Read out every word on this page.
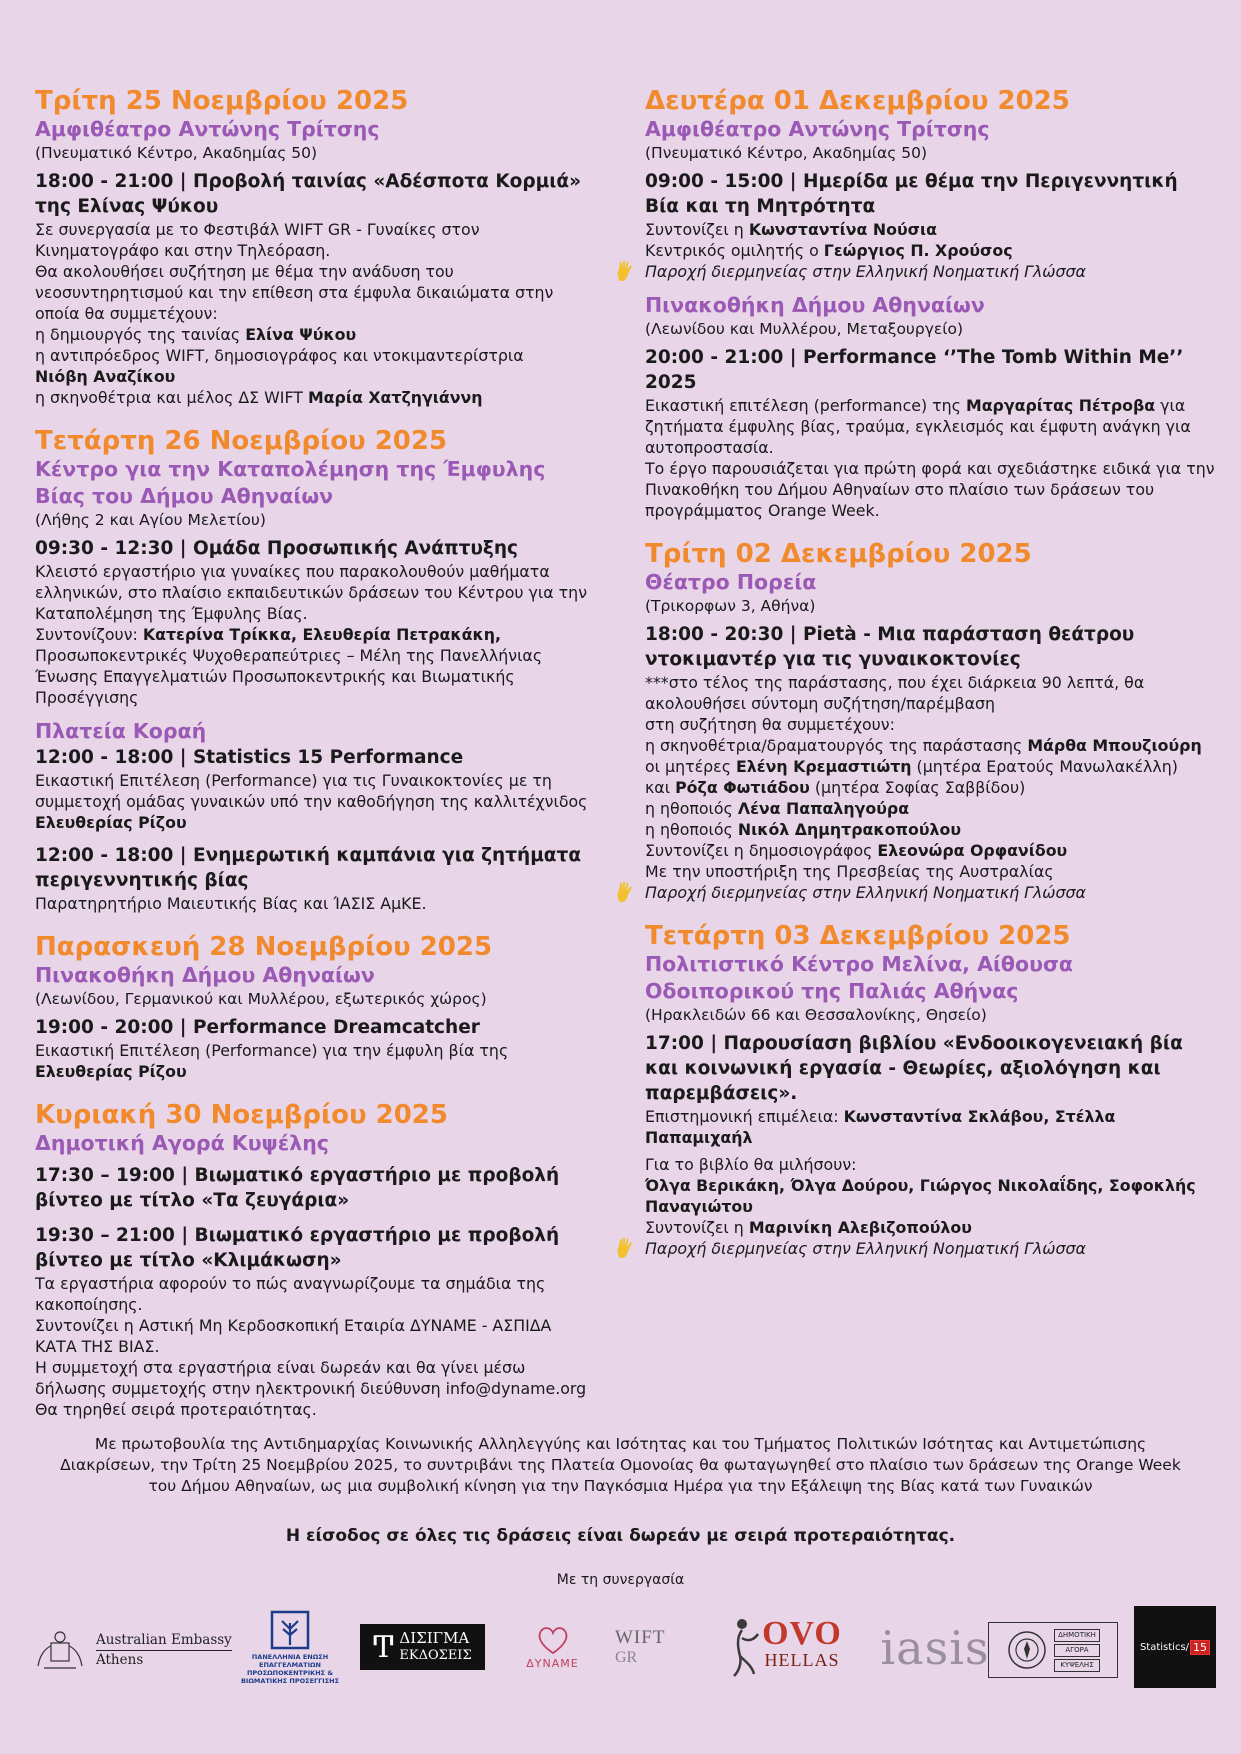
Τρίτη 25 Νοεμβρίου 2025

Αμφιθέατρο Αντώνης Τρίτσης

(Πνευματικό Κέντρο, Ακαδημίας 50)

18:00 - 21:00 | Προβολή ταινίας «Αδέσποτα Κορμιά» της Ελίνας Ψύκου

Σε συνεργασία με το Φεστιβάλ WIFT GR - Γυναίκες στον Κινηματογράφο και στην Τηλεόραση.

Θα ακολουθήσει συζήτηση με θέμα την ανάδυση του νεοσυντηρητισμού και την επίθεση στα έμφυλα δικαιώματα στην οποία θα συμμετέχουν:

η δημιουργός της ταινίας Ελίνα Ψύκου

η αντιπρόεδρος WIFT, δημοσιογράφος και ντοκιμαντερίστρια

Νιόβη Αναζίκου

η σκηνοθέτρια και μέλος ΔΣ WIFT Μαρία Χατζηγιάννη

Τετάρτη 26 Νοεμβρίου 2025

Κέντρο για την Καταπολέμηση της Έμφυλης Βίας του Δήμου Αθηναίων

(Λήθης 2 και Αγίου Μελετίου)

09:30 - 12:30 | Ομάδα Προσωπικής Ανάπτυξης

Κλειστό εργαστήριο για γυναίκες που παρακολουθούν μαθήματα ελληνικών, στο πλαίσιο εκπαιδευτικών δράσεων του Κέντρου για την Καταπολέμηση της Έμφυλης Βίας.

Συντονίζουν: Κατερίνα Τρίκκα, Ελευθερία Πετρακάκη, Προσωποκεντρικές Ψυχοθεραπεύτριες – Μέλη της Πανελλήνιας Ένωσης Επαγγελματιών Προσωποκεντρικής και Βιωματικής Προσέγγισης

Πλατεία Κοραή

12:00 - 18:00 | Statistics 15 Performance

Εικαστική Επιτέλεση (Performance) για τις Γυναικοκτονίες με τη συμμετοχή ομάδας γυναικών υπό την καθοδήγηση της καλλιτέχνιδος Ελευθερίας Ρίζου

12:00 - 18:00 | Ενημερωτική καμπάνια για ζητήματα περιγεννητικής βίας

Παρατηρητήριο Μαιευτικής Βίας και ΊΑΣΙΣ ΑμΚΕ.

Παρασκευή 28 Νοεμβρίου 2025

Πινακοθήκη Δήμου Αθηναίων

(Λεωνίδου, Γερμανικού και Μυλλέρου, εξωτερικός χώρος)

19:00 - 20:00 | Performance Dreamcatcher

Εικαστική Επιτέλεση (Performance) για την έμφυλη βία της

Ελευθερίας Ρίζου

Κυριακή 30 Νοεμβρίου 2025

Δημοτική Αγορά Κυψέλης

17:30 – 19:00 | Βιωματικό εργαστήριο με προβολή βίντεο με τίτλο «Τα ζευγάρια»

19:30 – 21:00 | Βιωματικό εργαστήριο με προβολή βίντεο με τίτλο «Κλιμάκωση»

Τα εργαστήρια αφορούν το πώς αναγνωρίζουμε τα σημάδια της κακοποίησης.

Συντονίζει η Αστική Μη Κερδοσκοπική Εταιρία ΔΥΝΑΜΕ - ΑΣΠΙΔΑ ΚΑΤΑ ΤΗΣ ΒΙΑΣ.

Η συμμετοχή στα εργαστήρια είναι δωρεάν και θα γίνει μέσω δήλωσης συμμετοχής στην ηλεκτρονική διεύθυνση info@dyname.org

Θα τηρηθεί σειρά προτεραιότητας.

Δευτέρα 01 Δεκεμβρίου 2025

Αμφιθέατρο Αντώνης Τρίτσης

(Πνευματικό Κέντρο, Ακαδημίας 50)

09:00 - 15:00 | Ημερίδα με θέμα την Περιγεννητική Βία και τη Μητρότητα

Συντονίζει η Κωνσταντίνα Νούσια

Κεντρικός ομιλητής ο Γεώργιος Π. Χρούσος

Παροχή διερμηνείας στην Ελληνική Νοηματική Γλώσσα

Πινακοθήκη Δήμου Αθηναίων

(Λεωνίδου και Μυλλέρου, Μεταξουργείο)

20:00 - 21:00 | Performance ‘’The Tomb Within Me’’ 2025

Εικαστική επιτέλεση (performance) της Μαργαρίτας Πέτροβα για ζητήματα έμφυλης βίας, τραύμα, εγκλεισμός και έμφυτη ανάγκη για αυτοπροστασία.

Το έργο παρουσιάζεται για πρώτη φορά και σχεδιάστηκε ειδικά για την Πινακοθήκη του Δήμου Αθηναίων στο πλαίσιο των δράσεων του προγράμματος Orange Week.

Τρίτη 02 Δεκεμβρίου 2025

Θέατρο Πορεία

(Τρικορφων 3, Αθήνα)

18:00 - 20:30 | Pietà - Μια παράσταση θεάτρου ντοκιμαντέρ για τις γυναικοκτονίες

***στο τέλος της παράστασης, που έχει διάρκεια 90 λεπτά, θα ακολουθήσει σύντομη συζήτηση/παρέμβαση

στη συζήτηση θα συμμετέχουν:

η σκηνοθέτρια/δραματουργός της παράστασης Μάρθα Μπουζιούρη

οι μητέρες Ελένη Κρεμαστιώτη (μητέρα Ερατούς Μανωλακέλλη)

και Ρόζα Φωτιάδου (μητέρα Σοφίας Σαββίδου)

η ηθοποιός Λένα Παπαληγούρα

η ηθοποιός Νικόλ Δημητρακοπούλου

Συντονίζει η δημοσιογράφος Ελεονώρα Ορφανίδου

Με την υποστήριξη της Πρεσβείας της Αυστραλίας

Παροχή διερμηνείας στην Ελληνική Νοηματική Γλώσσα

Τετάρτη 03 Δεκεμβρίου 2025

Πολιτιστικό Κέντρο Μελίνα, Αίθουσα Οδοιπορικού της Παλιάς Αθήνας

(Ηρακλειδών 66 και Θεσσαλονίκης, Θησείο)

17:00 | Παρουσίαση βιβλίου «Ενδοοικογενειακή βία και κοινωνική εργασία - Θεωρίες, αξιολόγηση και παρεμβάσεις».

Επιστημονική επιμέλεια: Κωνσταντίνα Σκλάβου, Στέλλα Παπαμιχαήλ

Για το βιβλίο θα μιλήσουν:

Όλγα Βερικάκη, Όλγα Δούρου, Γιώργος Νικολαΐδης, Σοφοκλής Παναγιώτου

Συντονίζει η Μαρινίκη Αλεβιζοπούλου

Παροχή διερμηνείας στην Ελληνική Νοηματική Γλώσσα

Με πρωτοβουλία της Αντιδημαρχίας Κοινωνικής Αλληλεγγύης και Ισότητας και του Τμήματος Πολιτικών Ισότητας και Αντιμετώπισης Διακρίσεων, την Τρίτη 25 Νοεμβρίου 2025, το συντριβάνι της Πλατεία Ομονοίας θα φωταγωγηθεί στο πλαίσιο των δράσεων της Orange Week του Δήμου Αθηναίων, ως μια συμβολική κίνηση για την Παγκόσμια Ημέρα για την Εξάλειψη της Βίας κατά των Γυναικών

Η είσοδος σε όλες τις δράσεις είναι δωρεάν με σειρά προτεραιότητας.

Με τη συνεργασία

Australian Embassy
Athens	ΠΑΝΕΛΛΗΝΙΑ ΕΝΩΣΗ ΕΠΑΓΓΕΛΜΑΤΙΩΝ ΠΡΟΣΩΠΟΚΕΝΤΡΙΚΗΣ & ΒΙΩΜΑΤΙΚΗΣ ΠΡΟΣΕΓΓΙΣΗΣ
Ͳ ΔΙΣΙΓΜΑ
ΕΚΔΟΣΕΙΣ	ΔΥΝΑΜΕ
WIFT
GR
OVO
HELLAS iasis	ΔΗΜΟΤΙΚΗ
ΑΓΟΡΑ
ΚΥΨΕΛΗΣ
Statistics/ 15
